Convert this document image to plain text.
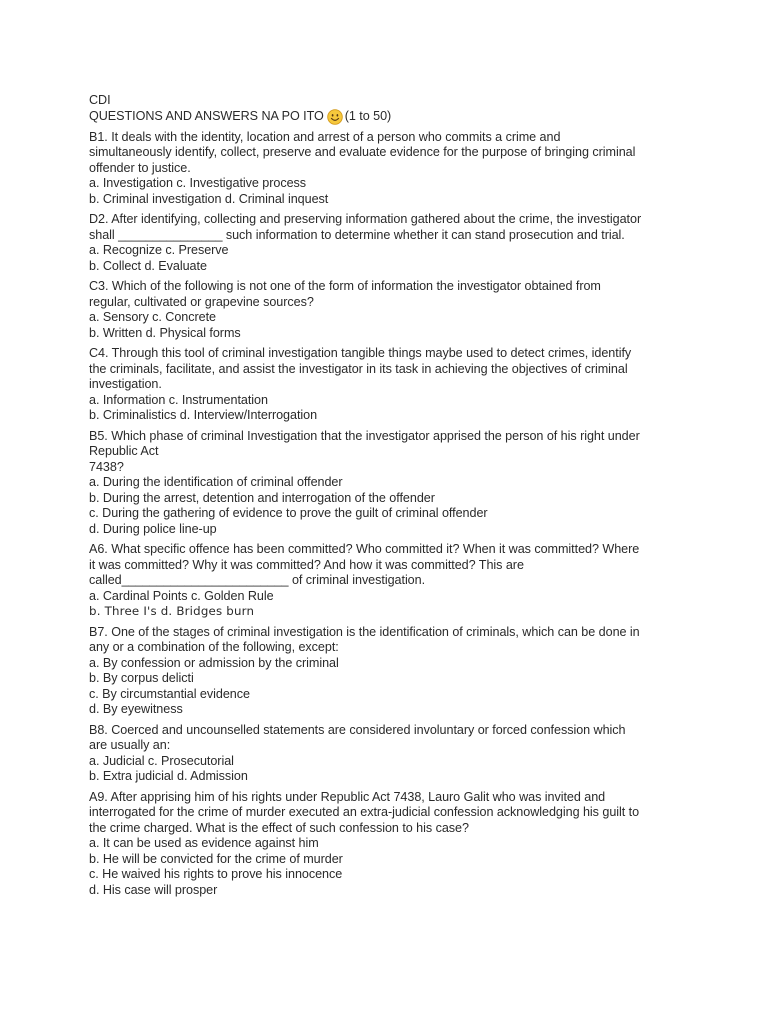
CDI
QUESTIONS AND ANSWERS NA PO ITO (1 to 50)
B1. It deals with the identity, location and arrest of a person who commits a crime and
simultaneously identify, collect, preserve and evaluate evidence for the purpose of bringing criminal
offender to justice.
a. Investigation c. Investigative process
b. Criminal investigation d. Criminal inquest
D2. After identifying, collecting and preserving information gathered about the crime, the investigator
shall _______________ such information to determine whether it can stand prosecution and trial.
a. Recognize c. Preserve
b. Collect d. Evaluate
C3. Which of the following is not one of the form of information the investigator obtained from
regular, cultivated or grapevine sources?
a. Sensory c. Concrete
b. Written d. Physical forms
C4. Through this tool of criminal investigation tangible things maybe used to detect crimes, identify
the criminals, facilitate, and assist the investigator in its task in achieving the objectives of criminal
investigation.
a. Information c. Instrumentation
b. Criminalistics d. Interview/Interrogation
B5. Which phase of criminal Investigation that the investigator apprised the person of his right under
Republic Act
7438?
a. During the identification of criminal offender
b. During the arrest, detention and interrogation of the offender
c. During the gathering of evidence to prove the guilt of criminal offender
d. During police line-up
A6. What specific offence has been committed? Who committed it? When it was committed? Where
it was committed? Why it was committed? And how it was committed? This are
called________________________ of criminal investigation.
a. Cardinal Points c. Golden Rule
b. Three I's d. Bridges burn
B7. One of the stages of criminal investigation is the identification of criminals, which can be done in
any or a combination of the following, except:
a. By confession or admission by the criminal
b. By corpus delicti
c. By circumstantial evidence
d. By eyewitness
B8. Coerced and uncounselled statements are considered involuntary or forced confession which
are usually an:
a. Judicial c. Prosecutorial
b. Extra judicial d. Admission
A9. After apprising him of his rights under Republic Act 7438, Lauro Galit who was invited and
interrogated for the crime of murder executed an extra-judicial confession acknowledging his guilt to
the crime charged. What is the effect of such confession to his case?
a. It can be used as evidence against him
b. He will be convicted for the crime of murder
c. He waived his rights to prove his innocence
d. His case will prosper
